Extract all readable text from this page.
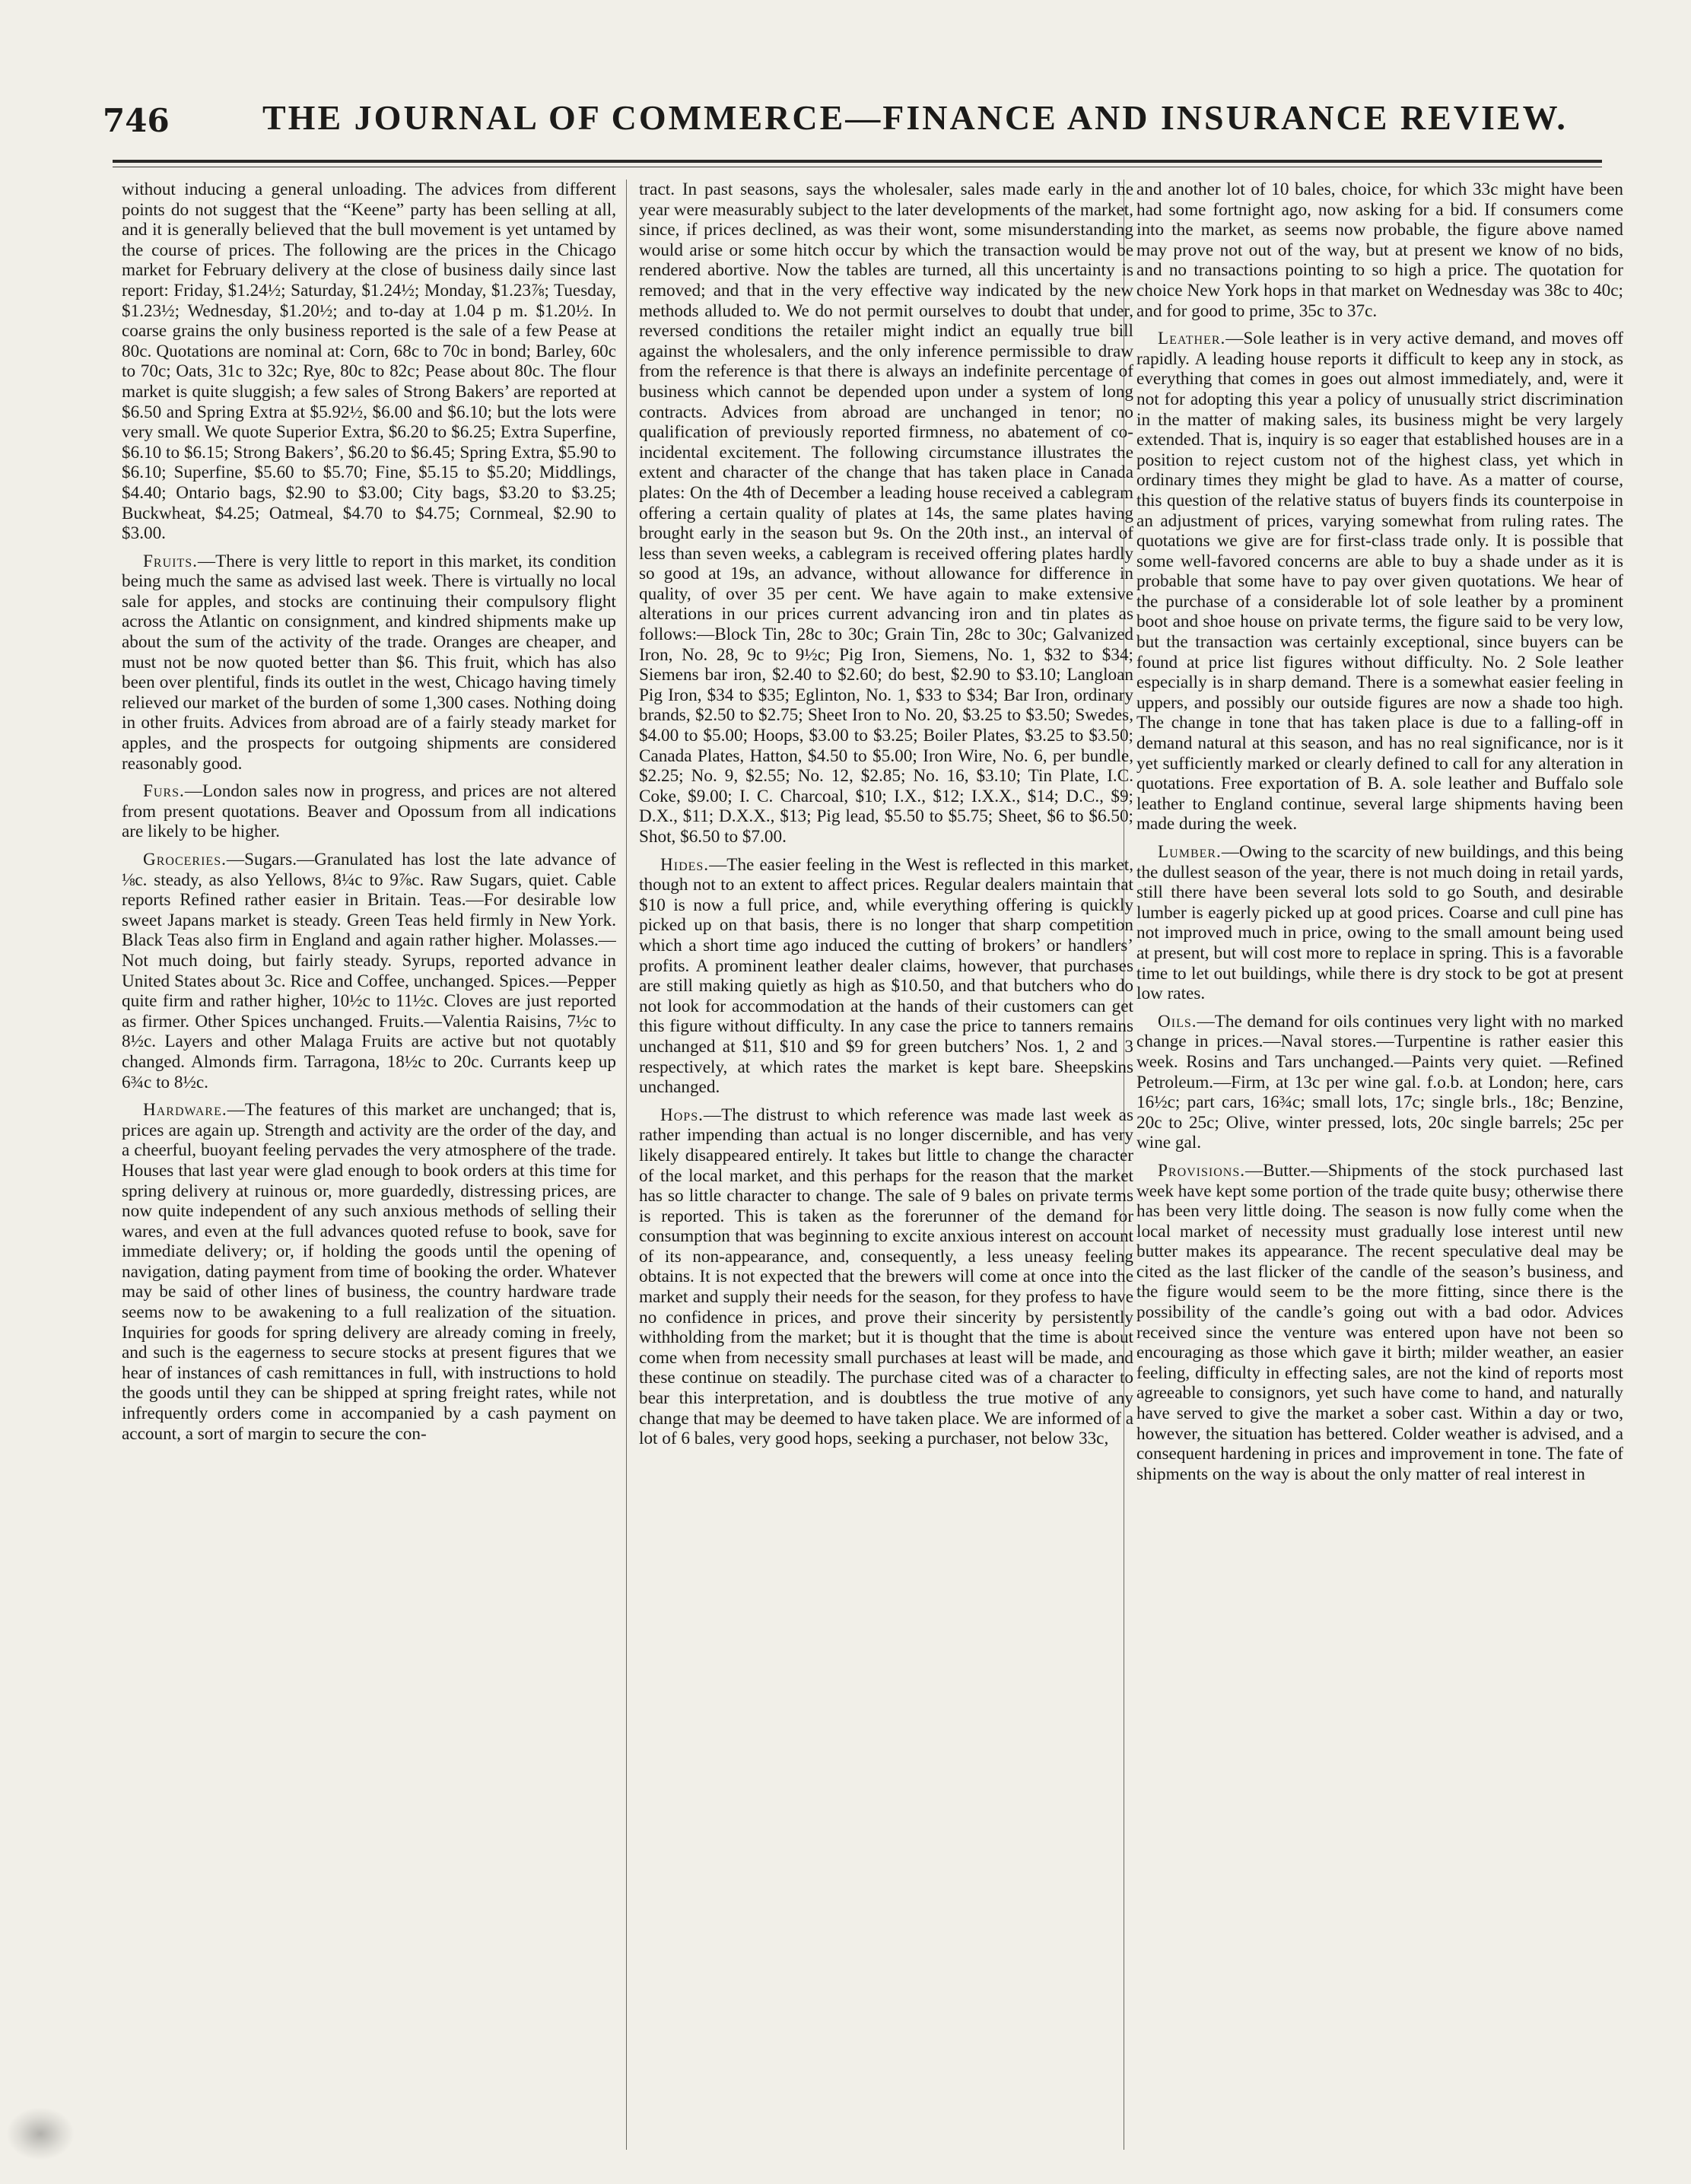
746	THE JOURNAL OF COMMERCE—FINANCE AND INSURANCE REVIEW.

without inducing a general unloading. The advices from different points do not suggest that the “Keene” party has been selling at all, and it is generally believed that the bull movement is yet untamed by the course of prices. The following are the prices in the Chicago market for February delivery at the close of business daily since last report: Friday, $1.24½; Saturday, $1.24½; Monday, $1.23⅞; Tuesday, $1.23½; Wednesday, $1.20½; and to-day at 1.04 p m. $1.20½. In coarse grains the only business reported is the sale of a few Pease at 80c. Quotations are nominal at: Corn, 68c to 70c in bond; Barley, 60c to 70c; Oats, 31c to 32c; Rye, 80c to 82c; Pease about 80c. The flour market is quite sluggish; a few sales of Strong Bakers’ are reported at $6.50 and Spring Extra at $5.92½, $6.00 and $6.10; but the lots were very small. We quote Superior Extra, $6.20 to $6.25; Extra Superfine, $6.10 to $6.15; Strong Bakers’, $6.20 to $6.45; Spring Extra, $5.90 to $6.10; Superfine, $5.60 to $5.70; Fine, $5.15 to $5.20; Middlings, $4.40; Ontario bags, $2.90 to $3.00; City bags, $3.20 to $3.25; Buckwheat, $4.25; Oatmeal, $4.70 to $4.75; Cornmeal, $2.90 to $3.00.

Fruits.—There is very little to report in this market, its condition being much the same as advised last week. There is virtually no local sale for apples, and stocks are continuing their compulsory flight across the Atlantic on consignment, and kindred shipments make up about the sum of the activity of the trade. Oranges are cheaper, and must not be now quoted better than $6. This fruit, which has also been over plentiful, finds its outlet in the west, Chicago having timely relieved our market of the burden of some 1,300 cases. Nothing doing in other fruits. Advices from abroad are of a fairly steady market for apples, and the prospects for outgoing shipments are considered reasonably good.

Furs.—London sales now in progress, and prices are not altered from present quotations. Beaver and Opossum from all indications are likely to be higher.

Groceries.—Sugars.—Granulated has lost the late advance of ⅛c. steady, as also Yellows, 8¼c to 9⅞c. Raw Sugars, quiet. Cable reports Refined rather easier in Britain. Teas.—For desirable low sweet Japans market is steady. Green Teas held firmly in New York. Black Teas also firm in England and again rather higher. Molasses.—Not much doing, but fairly steady. Syrups, reported advance in United States about 3c. Rice and Coffee, unchanged. Spices.—Pepper quite firm and rather higher, 10½c to 11½c. Cloves are just reported as firmer. Other Spices unchanged. Fruits.—Valentia Raisins, 7½c to 8½c. Layers and other Malaga Fruits are active but not quotably changed. Almonds firm. Tarragona, 18½c to 20c. Currants keep up 6¾c to 8½c.

Hardware.—The features of this market are unchanged; that is, prices are again up. Strength and activity are the order of the day, and a cheerful, buoyant feeling pervades the very atmosphere of the trade. Houses that last year were glad enough to book orders at this time for spring delivery at ruinous or, more guardedly, distressing prices, are now quite independent of any such anxious methods of selling their wares, and even at the full advances quoted refuse to book, save for immediate delivery; or, if holding the goods until the opening of navigation, dating payment from time of booking the order. Whatever may be said of other lines of business, the country hardware trade seems now to be awakening to a full realization of the situation. Inquiries for goods for spring delivery are already coming in freely, and such is the eagerness to secure stocks at present figures that we hear of instances of cash remittances in full, with instructions to hold the goods until they can be shipped at spring freight rates, while not infrequently orders come in accompanied by a cash payment on account, a sort of margin to secure the con-

tract. In past seasons, says the wholesaler, sales made early in the year were measurably subject to the later developments of the market, since, if prices declined, as was their wont, some misunderstanding would arise or some hitch occur by which the transaction would be rendered abortive. Now the tables are turned, all this uncertainty is removed; and that in the very effective way indicated by the new methods alluded to. We do not permit ourselves to doubt that under, reversed conditions the retailer might indict an equally true bill against the wholesalers, and the only inference permissible to draw from the reference is that there is always an indefinite percentage of business which cannot be depended upon under a system of long contracts. Advices from abroad are unchanged in tenor; no qualification of previously reported firmness, no abatement of co-incidental excitement. The following circumstance illustrates the extent and character of the change that has taken place in Canada plates: On the 4th of December a leading house received a cablegram offering a certain quality of plates at 14s, the same plates having brought early in the season but 9s. On the 20th inst., an interval of less than seven weeks, a cablegram is received offering plates hardly so good at 19s, an advance, without allowance for difference in quality, of over 35 per cent. We have again to make extensive alterations in our prices current advancing iron and tin plates as follows:—Block Tin, 28c to 30c; Grain Tin, 28c to 30c; Galvanized Iron, No. 28, 9c to 9½c; Pig Iron, Siemens, No. 1, $32 to $34; Siemens bar iron, $2.40 to $2.60; do best, $2.90 to $3.10; Langloan Pig Iron, $34 to $35; Eglinton, No. 1, $33 to $34; Bar Iron, ordinary brands, $2.50 to $2.75; Sheet Iron to No. 20, $3.25 to $3.50; Swedes, $4.00 to $5.00; Hoops, $3.00 to $3.25; Boiler Plates, $3.25 to $3.50; Canada Plates, Hatton, $4.50 to $5.00; Iron Wire, No. 6, per bundle, $2.25; No. 9, $2.55; No. 12, $2.85; No. 16, $3.10; Tin Plate, I.C. Coke, $9.00; I. C. Charcoal, $10; I.X., $12; I.X.X., $14; D.C., $9; D.X., $11; D.X.X., $13; Pig lead, $5.50 to $5.75; Sheet, $6 to $6.50; Shot, $6.50 to $7.00.

Hides.—The easier feeling in the West is reflected in this market, though not to an extent to affect prices. Regular dealers maintain that $10 is now a full price, and, while everything offering is quickly picked up on that basis, there is no longer that sharp competition which a short time ago induced the cutting of brokers’ or handlers’ profits. A prominent leather dealer claims, however, that purchases are still making quietly as high as $10.50, and that butchers who do not look for accommodation at the hands of their customers can get this figure without difficulty. In any case the price to tanners remains unchanged at $11, $10 and $9 for green butchers’ Nos. 1, 2 and 3 respectively, at which rates the market is kept bare. Sheepskins unchanged.

Hops.—The distrust to which reference was made last week as rather impending than actual is no longer discernible, and has very likely disappeared entirely. It takes but little to change the character of the local market, and this perhaps for the reason that the market has so little character to change. The sale of 9 bales on private terms is reported. This is taken as the forerunner of the demand for consumption that was beginning to excite anxious interest on account of its non-appearance, and, consequently, a less uneasy feeling obtains. It is not expected that the brewers will come at once into the market and supply their needs for the season, for they profess to have no confidence in prices, and prove their sincerity by persistently withholding from the market; but it is thought that the time is about come when from necessity small purchases at least will be made, and these continue on steadily. The purchase cited was of a character to bear this interpretation, and is doubtless the true motive of any change that may be deemed to have taken place. We are informed of a lot of 6 bales, very good hops, seeking a purchaser, not below 33c,

and another lot of 10 bales, choice, for which 33c might have been had some fortnight ago, now asking for a bid. If consumers come into the market, as seems now probable, the figure above named may prove not out of the way, but at present we know of no bids, and no transactions pointing to so high a price. The quotation for choice New York hops in that market on Wednesday was 38c to 40c; and for good to prime, 35c to 37c.

Leather.—Sole leather is in very active demand, and moves off rapidly. A leading house reports it difficult to keep any in stock, as everything that comes in goes out almost immediately, and, were it not for adopting this year a policy of unusually strict discrimination in the matter of making sales, its business might be very largely extended. That is, inquiry is so eager that established houses are in a position to reject custom not of the highest class, yet which in ordinary times they might be glad to have. As a matter of course, this question of the relative status of buyers finds its counterpoise in an adjustment of prices, varying somewhat from ruling rates. The quotations we give are for first-class trade only. It is possible that some well-favored concerns are able to buy a shade under as it is probable that some have to pay over given quotations. We hear of the purchase of a considerable lot of sole leather by a prominent boot and shoe house on private terms, the figure said to be very low, but the transaction was certainly exceptional, since buyers can be found at price list figures without difficulty. No. 2 Sole leather especially is in sharp demand. There is a somewhat easier feeling in uppers, and possibly our outside figures are now a shade too high. The change in tone that has taken place is due to a falling-off in demand natural at this season, and has no real significance, nor is it yet sufficiently marked or clearly defined to call for any alteration in quotations. Free exportation of B. A. sole leather and Buffalo sole leather to England continue, several large shipments having been made during the week.

Lumber.—Owing to the scarcity of new buildings, and this being the dullest season of the year, there is not much doing in retail yards, still there have been several lots sold to go South, and desirable lumber is eagerly picked up at good prices. Coarse and cull pine has not improved much in price, owing to the small amount being used at present, but will cost more to replace in spring. This is a favorable time to let out buildings, while there is dry stock to be got at present low rates.

Oils.—The demand for oils continues very light with no marked change in prices.—Naval stores.—Turpentine is rather easier this week. Rosins and Tars unchanged.—Paints very quiet. —Refined Petroleum.—Firm, at 13c per wine gal. f.o.b. at London; here, cars 16½c; part cars, 16¾c; small lots, 17c; single brls., 18c; Benzine, 20c to 25c; Olive, winter pressed, lots, 20c single barrels; 25c per wine gal.

Provisions.—Butter.—Shipments of the stock purchased last week have kept some portion of the trade quite busy; otherwise there has been very little doing. The season is now fully come when the local market of necessity must gradually lose interest until new butter makes its appearance. The recent speculative deal may be cited as the last flicker of the candle of the season’s business, and the figure would seem to be the more fitting, since there is the possibility of the candle’s going out with a bad odor. Advices received since the venture was entered upon have not been so encouraging as those which gave it birth; milder weather, an easier feeling, difficulty in effecting sales, are not the kind of reports most agreeable to consignors, yet such have come to hand, and naturally have served to give the market a sober cast. Within a day or two, however, the situation has bettered. Colder weather is advised, and a consequent hardening in prices and improvement in tone. The fate of shipments on the way is about the only matter of real interest in
